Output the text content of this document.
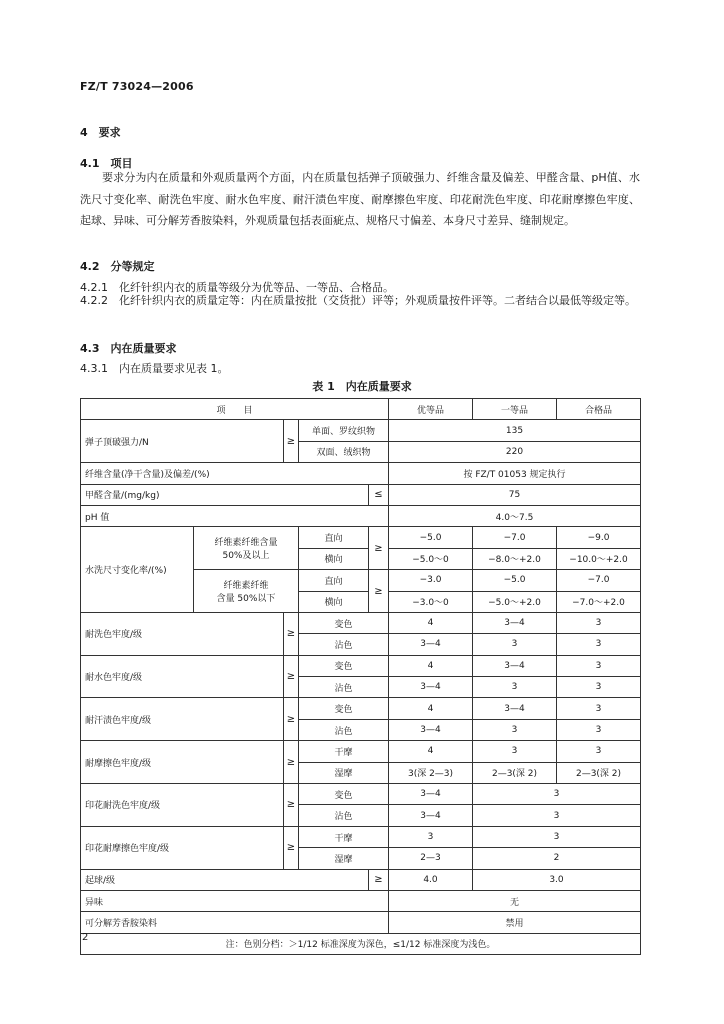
FZ/T 73024—2006
4　要求
4.1　项目
要求分为内在质量和外观质量两个方面，内在质量包括弹子顶破强力、纤维含量及偏差、甲醛含量、pH值、水洗尺寸变化率、耐洗色牢度、耐水色牢度、耐汗渍色牢度、耐摩擦色牢度、印花耐洗色牢度、印花耐摩擦色牢度、起球、异味、可分解芳香胺染料，外观质量包括表面疵点、规格尺寸偏差、本身尺寸差异、缝制规定。
4.2　分等规定
4.2.1　化纤针织内衣的质量等级分为优等品、一等品、合格品。
4.2.2　化纤针织内衣的质量定等：内在质量按批（交货批）评等；外观质量按件评等。二者结合以最低等级定等。
4.3　内在质量要求
4.3.1　内在质量要求见表 1。
表 1　内在质量要求
项　　目					优等品	一等品	合格品
弹子顶破强力/N		≥	单面、罗纹织物		135		
			双面、绒织物		220		
纤维含量(净干含量)及偏差/(%)					按 FZ/T 01053 规定执行		
甲醛含量/(mg/kg)				≤	75		
pH 值					4.0～7.5		
水洗尺寸变化率/(%)	纤维素纤维含量
50%及以上		直向	≥	−5.0	−7.0	−9.0
			横向		−5.0～0	−8.0～+2.0	−10.0～+2.0
	纤维素纤维
含量 50%以下		直向	≥	−3.0	−5.0	−7.0
			横向		−3.0～0	−5.0～+2.0	−7.0～+2.0
耐洗色牢度/级		≥	变色		4	3—4	3
			沾色		3—4	3	3
耐水色牢度/级		≥	变色		4	3—4	3
			沾色		3—4	3	3
耐汗渍色牢度/级		≥	变色		4	3—4	3
			沾色		3—4	3	3
耐摩擦色牢度/级		≥	干摩		4	3	3
			湿摩		3(深 2—3)	2—3(深 2)	2—3(深 2)
印花耐洗色牢度/级		≥	变色		3—4	3	
			沾色		3—4	3	
印花耐摩擦色牢度/级		≥	干摩		3	3	
			湿摩		2—3	2	
起球/级				≥	4.0	3.0	
异味					无		
可分解芳香胺染料					禁用		
注：色别分档：＞1/12 标准深度为深色，≤1/12 标准深度为浅色。							
2
